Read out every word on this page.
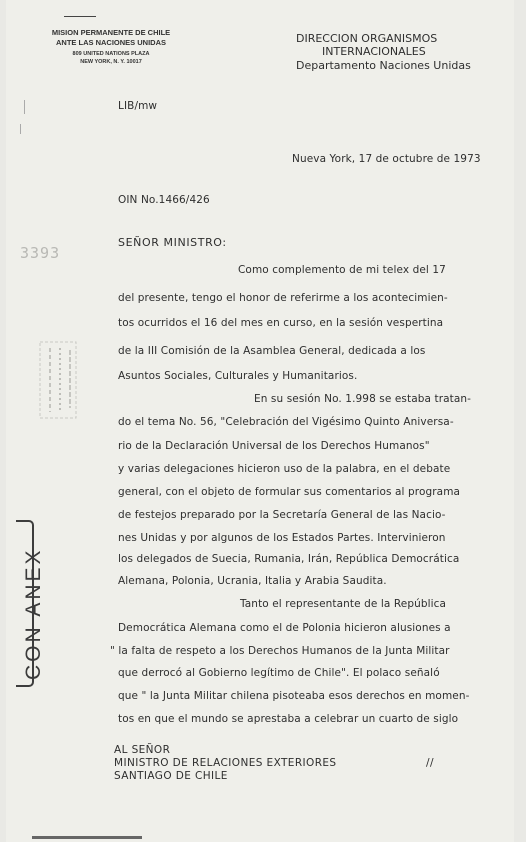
MISION PERMANENTE DE CHILE
ANTE LAS NACIONES UNIDAS
809 UNITED NATIONS PLAZA
NEW YORK, N. Y. 10017
DIRECCION ORGANISMOS
INTERNACIONALES
Departamento Naciones Unidas
LIB/mw
Nueva York, 17 de octubre de 1973
OIN No.1466/426
3393
SEÑOR MINISTRO:
Como complemento de mi telex del 17
del presente, tengo el honor de referirme a los acontecimien-
tos ocurridos el 16 del mes en curso, en la sesión vespertina
de la III Comisión de la Asamblea General, dedicada a los
Asuntos Sociales, Culturales y Humanitarios.
En su sesión No. 1.998 se estaba tratan-
do el tema No. 56, "Celebración del Vigésimo Quinto Aniversa-
rio de la Declaración Universal de los Derechos Humanos"
y varias delegaciones hicieron uso de la palabra, en el debate
general, con el objeto de formular sus comentarios al programa
de festejos preparado por la Secretaría General de las Nacio-
nes Unidas y por algunos de los Estados Partes. Intervinieron
los delegados de Suecia, Rumania, Irán, República Democrática
Alemana, Polonia, Ucrania, Italia y Arabia Saudita.
Tanto el representante de la República
Democrática Alemana como el de Polonia hicieron alusiones a
" la falta de respeto a los Derechos Humanos de la Junta Militar
que derrocó al Gobierno legítimo de Chile". El polaco señaló
que " la Junta Militar chilena pisoteaba esos derechos en momen-
tos en que el mundo se aprestaba a celebrar un cuarto de siglo
CON ANEX
AL SEÑOR
MINISTRO DE RELACIONES EXTERIORES
SANTIAGO DE CHILE
//
